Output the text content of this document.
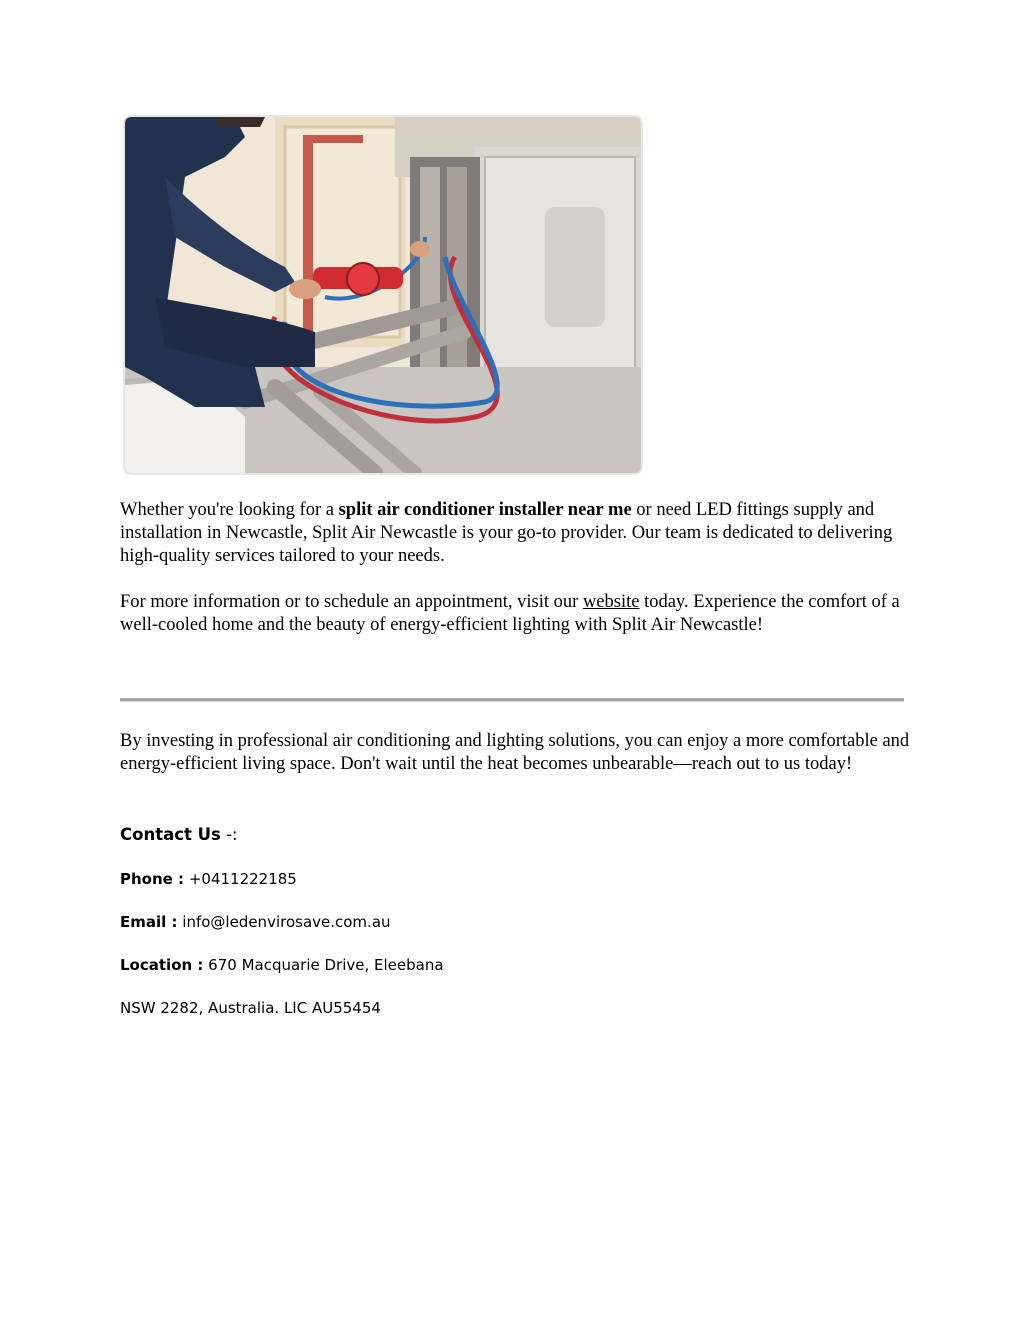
Whether you're looking for a split air conditioner installer near me or need LED fittings supply and installation in Newcastle, Split Air Newcastle is your go-to provider. Our team is dedicated to delivering high-quality services tailored to your needs.

For more information or to schedule an appointment, visit our website today. Experience the comfort of a well-cooled home and the beauty of energy-efficient lighting with Split Air Newcastle!

By investing in professional air conditioning and lighting solutions, you can enjoy a more comfortable and energy-efficient living space. Don't wait until the heat becomes unbearable—reach out to us today!

Contact Us -:

Phone : +0411222185

Email : info@ledenvirosave.com.au

Location : 670 Macquarie Drive, Eleebana

NSW 2282, Australia. LIC AU55454
